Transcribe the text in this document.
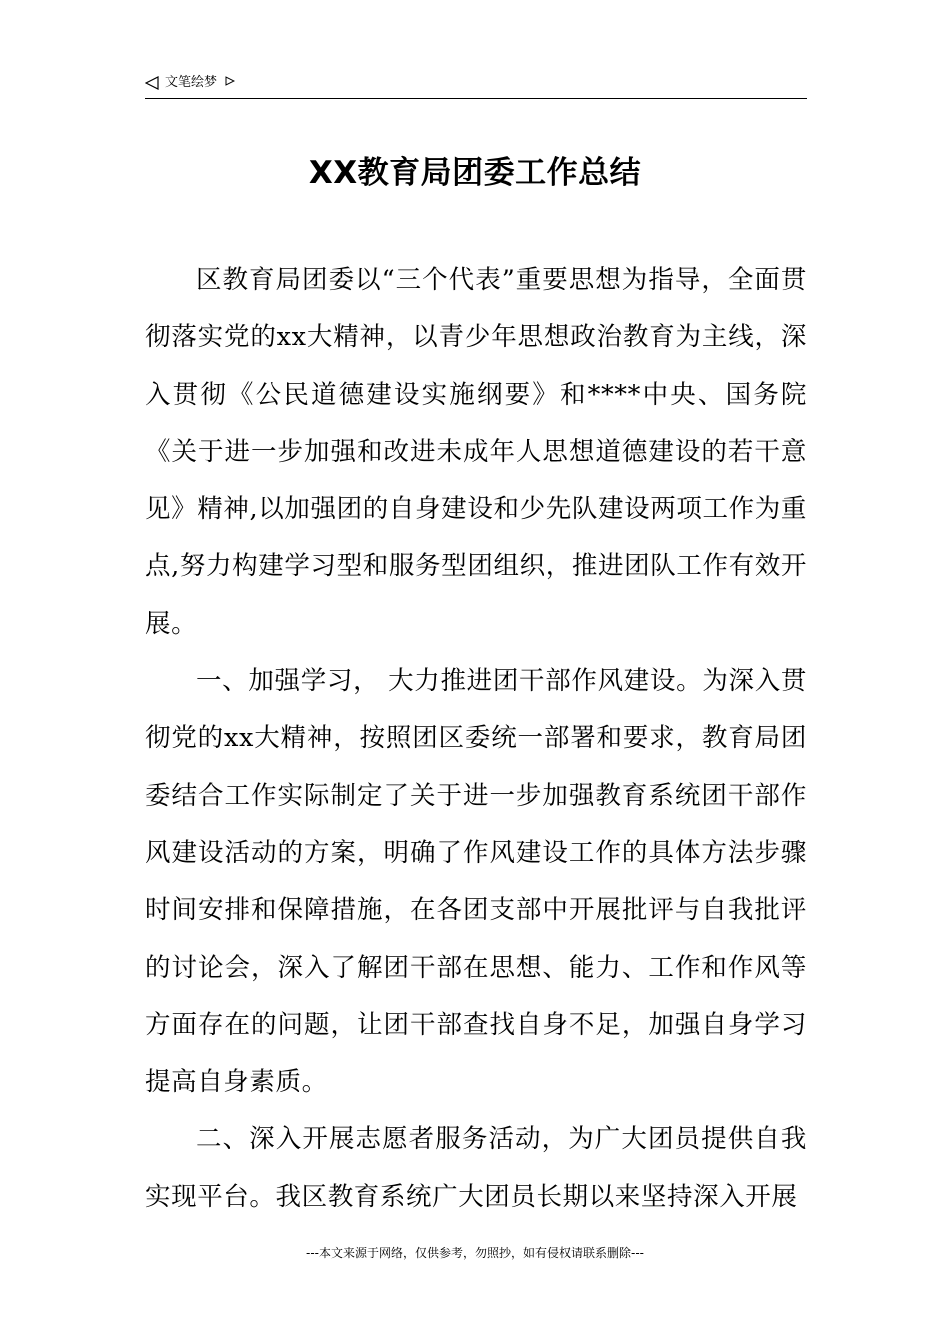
文笔绘梦
XX教育局团委工作总结

区教育局团委以“三个代表”重要思想为指导，全面贯彻落实党的xx大精神，以青少年思想政治教育为主线，深入贯彻《公民道德建设实施纲要》和****中央、国务院《关于进一步加强和改进未成年人思想道德建设的若干意见》精神,以加强团的自身建设和少先队建设两项工作为重点,努力构建学习型和服务型团组织，推进团队工作有效开展。

一、加强学习， 大力推进团干部作风建设。为深入贯彻党的xx大精神，按照团区委统一部署和要求，教育局团委结合工作实际制定了关于进一步加强教育系统团干部作风建设活动的方案，明确了作风建设工作的具体方法步骤时间安排和保障措施，在各团支部中开展批评与自我批评的讨论会，深入了解团干部在思想、能力、工作和作风等方面存在的问题，让团干部查找自身不足，加强自身学习提高自身素质。

二、深入开展志愿者服务活动，为广大团员提供自我实现平台。我区教育系统广大团员长期以来坚持深入开展

---本文来源于网络，仅供参考，勿照抄，如有侵权请联系删除---
